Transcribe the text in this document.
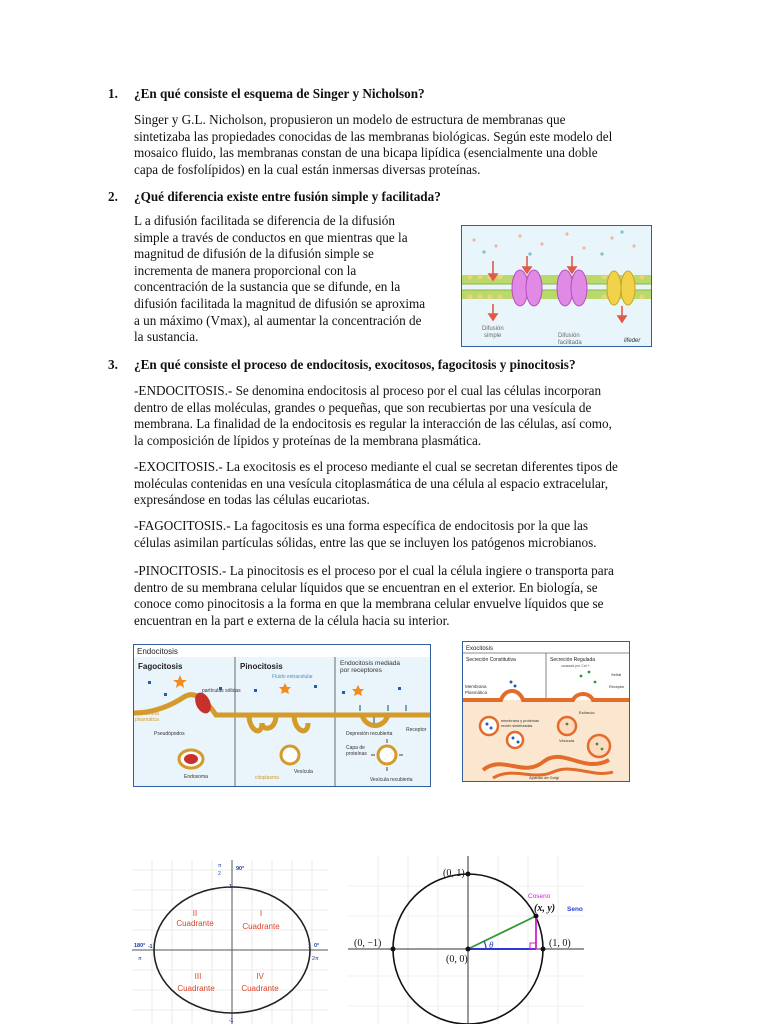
1. ¿En qué consiste el esquema de Singer y Nicholson?
Singer y G.L. Nicholson, propusieron un modelo de estructura de membranas que
sintetizaba las propiedades conocidas de las membranas biológicas. Según este modelo del
mosaico fluido, las membranas constan de una bicapa lipídica (esencialmente una doble
capa de fosfolípidos) en la cual están inmersas diversas proteínas.
2. ¿Qué diferencia existe entre fusión simple y facilitada?
L a difusión facilitada se diferencia de la difusión
simple a través de conductos en que mientras que la
magnitud de difusión de la difusión simple se
incrementa de manera proporcional con la
concentración de la sustancia que se difunde, en la
difusión facilitada la magnitud de difusión se aproxima
a un máximo (Vmax), al aumentar la concentración de
la sustancia.
Difusión
simple	Difusión
facilitada	lifeder
3. ¿En qué consiste el proceso de endocitosis, exocitosos, fagocitosis y pinocitosis?
-ENDOCITOSIS.- Se denomina endocitosis al proceso por el cual las células incorporan
dentro de ellas moléculas, grandes o pequeñas, que son recubiertas por una vesícula de
membrana. La finalidad de la endocitosis es regular la interacción de las células, así como,
la composición de lípidos y proteínas de la membrana plasmática.
-EXOCITOSIS.- La exocitosis es el proceso mediante el cual se secretan diferentes tipos de
moléculas contenidas en una vesícula citoplasmática de una célula al espacio extracelular,
expresándose en todas las células eucariotas.
-FAGOCITOSIS.- La fagocitosis es una forma específica de endocitosis por la que las
células asimilan partículas sólidas, entre las que se incluyen los patógenos microbianos.
-PINOCITOSIS.- La pinocitosis es el proceso por el cual la célula ingiere o transporta para
dentro de su membrana celular líquidos que se encuentran en el exterior. En biología, se
conoce como pinocitosis a la forma en que la membrana celular envuelve líquidos que se
encuentran en la part e externa de la célula hacia su interior.
Endocitosis
Fagocitosis	Pinocitosis	Endocitosis mediada
por receptores
partículas sólidas
Fluido extracelular
Membrana
plasmática
Pseudópodos
Endosoma	citoplasma
Vesícula
Depresión recubierta
Receptor
Capa de
proteínas
Vesícula recubierta
Exocitosis
Secreción Constitutiva	Secreción Regulada
causada por Ca++
Señal
Receptor
Membrana
Plasmática
Estímulo
membrana y proteínas
recién sintetizadas
Vesícula
Aparato de Golgi
π
2
90°
1
180°
π
0°
2π
-1	1
-1
II
Cuadrante
I
Cuadrante
III
Cuadrante
IV
Cuadrante
(0, 1)
(0, −1)	(1, 0)
(0, 0)
Coseno
(x, y) Seno
θ
